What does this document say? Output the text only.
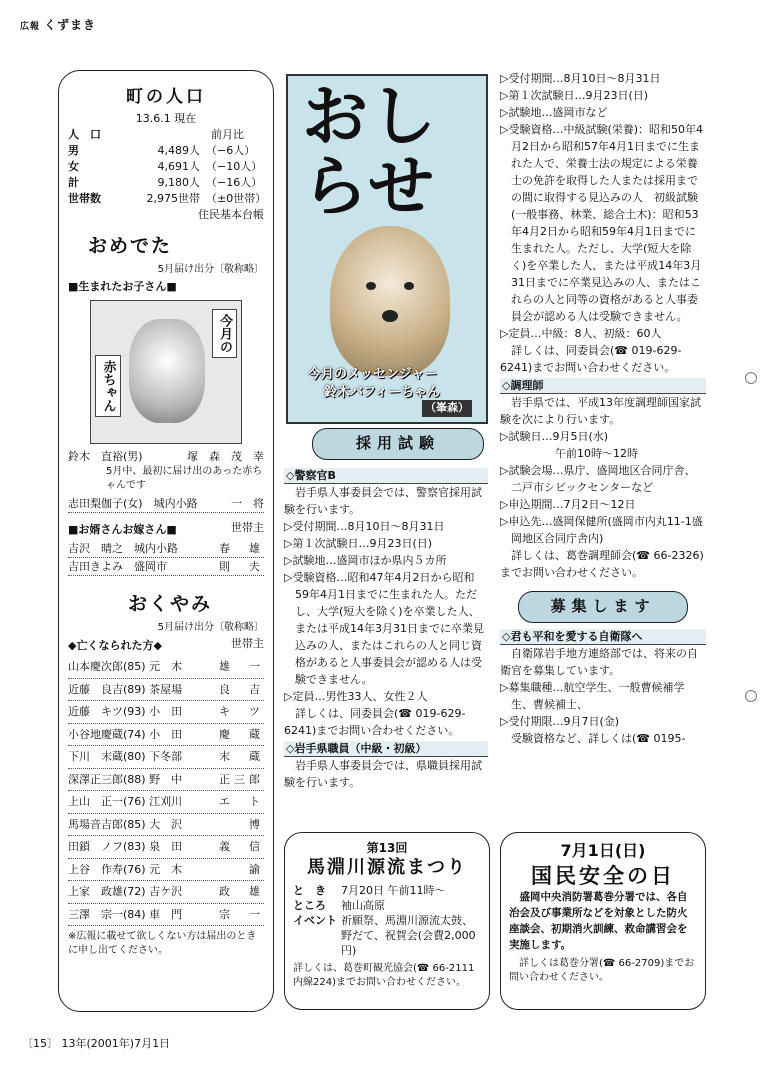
広報 くずまき
町の人口
13.6.1 現在
人　口	前月比
男	4,489人 （−6人）
女	4,691人 （−10人）
計	9,180人 （−16人）
世帯数	2,975世帯 （±0世帯）
住民基本台帳
おめでた
5月届け出分〔敬称略〕
■生まれたお子さん■
赤ちゃん
今月の
鈴木　直裕(男)	塚　森　茂　幸
5月中、最初に届け出のあった赤ちゃんです
志田梨伽子(女)　城内小路	一　将
■お婿さんお嫁さん■	世帯主
吉沢　晴之　城内小路	春　雄
吉田きよみ　盛岡市	則　夫
おくやみ
5月届け出分〔敬称略〕
◆亡くなられた方◆	世帯主
山本慶次郎(85) 元　木	雄　一
近藤　良吉(89) 茶屋場	良　吉
近藤　キツ(93) 小　田	キ　ツ
小谷地慶蔵(74) 小　田	慶　蔵
下川　末蔵(80) 下冬部	末　蔵
深澤正三郎(88) 野　中	正三郎
上山　正一(76) 江刈川	エ　ト
馬場音吉郎(85) 大　沢	博
田鎖　ノフ(83) 泉　田	義　信
上谷　作寿(76) 元　木	諭
上家　政雄(72) 吉ケ沢	政　雄
三澤　宗一(84) 車　門	宗　一
※広報に載せて欲しくない方は届出のときに申し出てください。
おし
らせ
今月のメッセンジャー
鈴木バフィーちゃん
（峯森）
採用試験
◇警察官B
岩手県人事委員会では、警察官採用試験を行います。
▷受付期間…8月10日〜8月31日
▷第１次試験日…9月23日(日)
▷試験地…盛岡市ほか県内５カ所
▷受験資格…昭和47年4月2日から昭和59年4月1日までに生まれた人。ただし、大学(短大を除く)を卒業した人、または平成14年3月31日までに卒業見込みの人、またはこれらの人と同じ資格があると人事委員会が認める人は受験できません。
▷定員…男性33人、女性２人
詳しくは、同委員会(☎ 019-629-6241)までお問い合わせください。
◇岩手県職員（中級・初級）
岩手県人事委員会では、県職員採用試験を行います。
▷受付期間…8月10日〜8月31日
▷第１次試験日…9月23日(日)
▷試験地…盛岡市など
▷受験資格…中級試験(栄養)：昭和50年4月2日から昭和57年4月1日までに生まれた人で、栄養士法の規定による栄養士の免許を取得した人または採用までの間に取得する見込みの人　初級試験(一般事務、林業、総合土木)：昭和53年4月2日から昭和59年4月1日までに生まれた人。ただし、大学(短大を除く)を卒業した人、または平成14年3月31日までに卒業見込みの人、またはこれらの人と同等の資格があると人事委員会が認める人は受験できません。
▷定員…中級：8人、初級：60人
詳しくは、同委員会(☎ 019-629-6241)までお問い合わせください。
◇調理師
岩手県では、平成13年度調理師国家試験を次により行います。
▷試験日…9月5日(水)
　　　　午前10時〜12時
▷試験会場…県庁、盛岡地区合同庁舎、二戸市シビックセンターなど
▷申込期間…7月2日〜12日
▷申込先…盛岡保健所(盛岡市内丸11-1盛岡地区合同庁舎内)
詳しくは、葛巻調理師会(☎ 66-2326)までお問い合わせください。
募集します
◇君も平和を愛する自衛隊へ
自衛隊岩手地方連絡部では、将来の自衛官を募集しています。
▷募集職種…航空学生、一般曹候補学生、曹候補士、
▷受付期限…9月7日(金)
受験資格など、詳しくは(☎ 0195-
第13回
馬淵川源流まつり
と　き	7月20日 午前11時〜
ところ	袖山高原
イベント 祈願祭、馬淵川源流太鼓、野だて、祝賀会(会費2,000円)
詳しくは、葛巻町観光協会(☎ 66-2111内線224)までお問い合わせください。
7月1日(日)
国民安全の日
盛岡中央消防署葛巻分署では、各自治会及び事業所などを対象とした防火座談会、初期消火訓練、救命講習会を実施します。
詳しくは葛巻分署(☎ 66-2709)までお問い合わせください。
〔15〕 13年(2001年)7月1日
